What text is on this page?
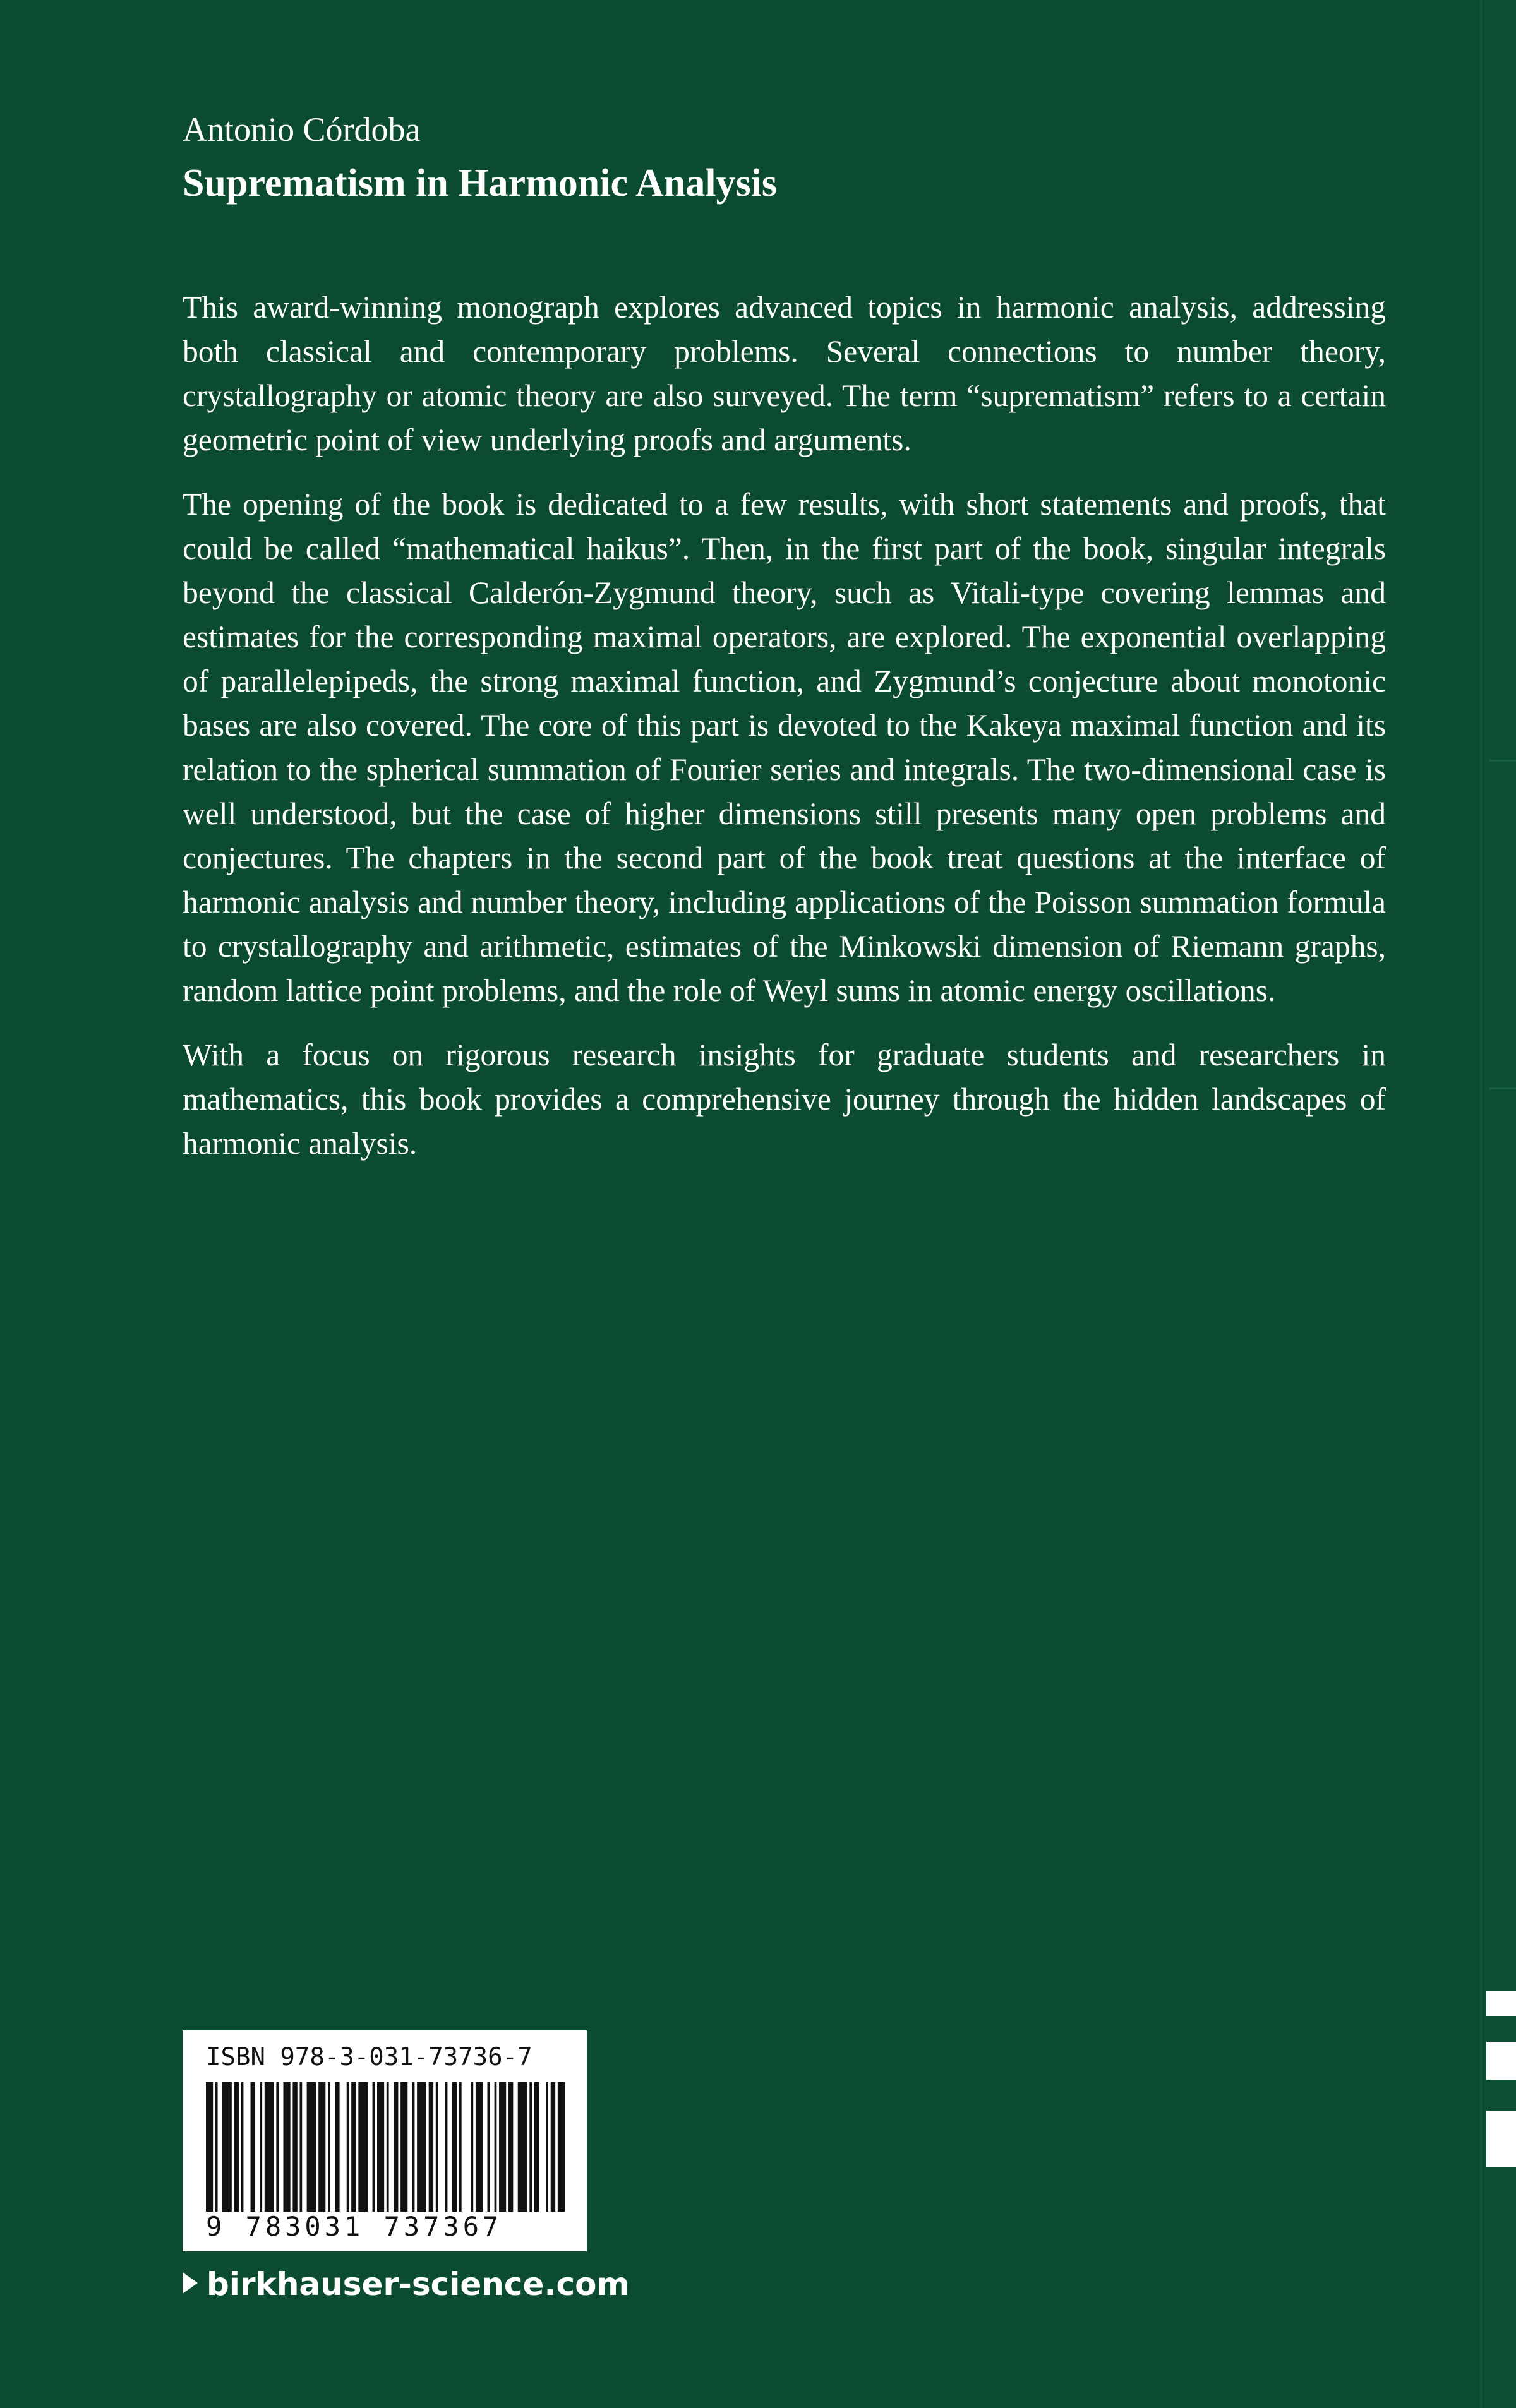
Antonio Córdoba
Suprematism in Harmonic Analysis

This award-winning monograph explores advanced topics in harmonic analysis, addressing both classical and contemporary problems. Several connections to number theory, crystallography or atomic theory are also surveyed. The term “suprematism” refers to a certain geometric point of view underlying proofs and arguments.

The opening of the book is dedicated to a few results, with short statements and proofs, that could be called “mathematical haikus”. Then, in the first part of the book, singular integrals beyond the classical Calderón-Zygmund theory, such as Vitali-type covering lemmas and estimates for the corresponding maximal operators, are explored. The exponential overlapping of parallelepipeds, the strong maximal function, and Zygmund’s conjecture about monotonic bases are also covered. The core of this part is devoted to the Kakeya maximal function and its relation to the spherical summation of Fourier series and integrals. The two-dimensional case is well understood, but the case of higher dimensions still presents many open problems and conjectures. The chapters in the second part of the book treat questions at the interface of harmonic analysis and number theory, including applications of the Poisson summation formula to crystallography and arithmetic, estimates of the Minkowski dimension of Riemann graphs, random lattice point problems, and the role of Weyl sums in atomic energy oscillations.

With a focus on rigorous research insights for graduate students and researchers in mathematics, this book provides a comprehensive journey through the hidden landscapes of harmonic analysis.

ISBN 978-3-031-73736-7
9 783031 737367
birkhauser-science.com
